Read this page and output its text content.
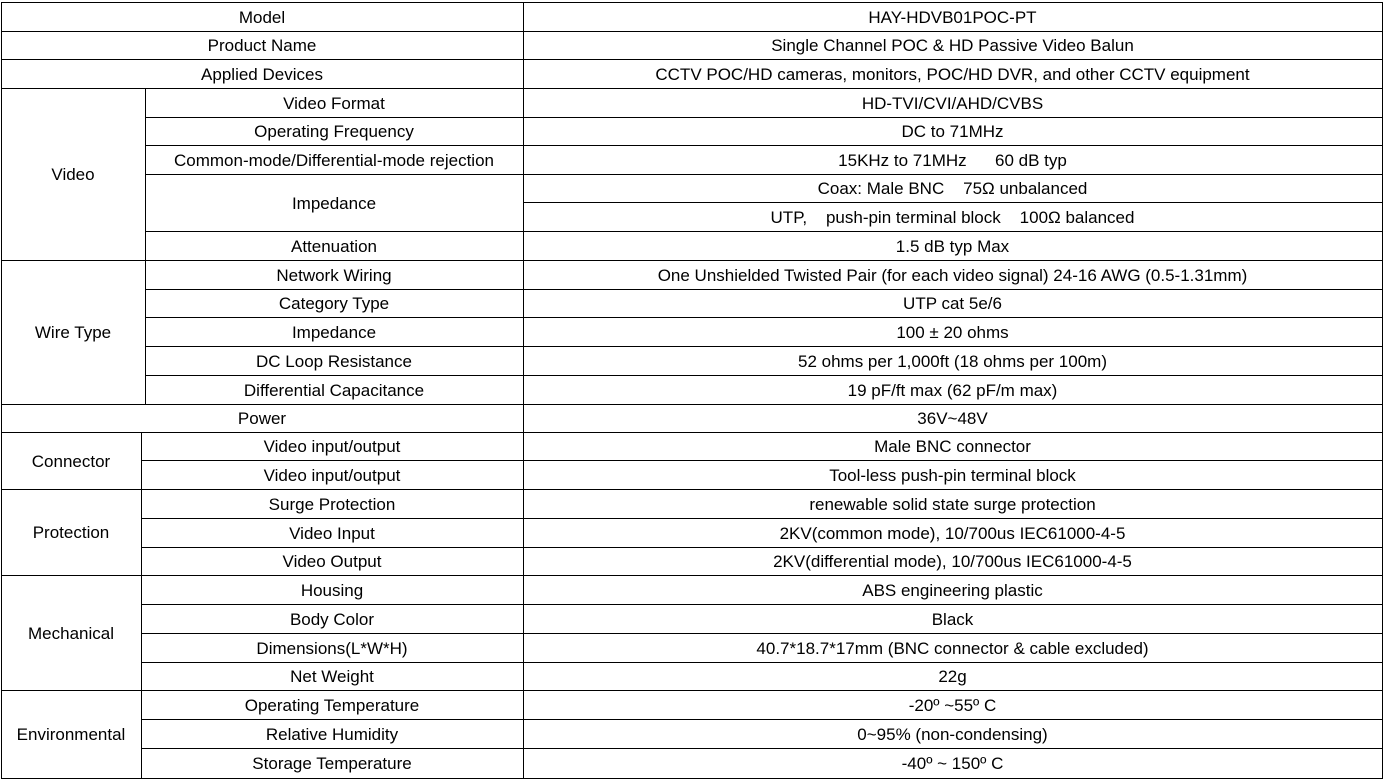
Model	HAY-HDVB01POC-PT
Product Name	Single Channel POC & HD Passive Video Balun
Applied Devices	CCTV POC/HD cameras, monitors, POC/HD DVR, and other CCTV equipment
Video
Video Format	HD-TVI/CVI/AHD/CVBS
Operating Frequency	DC to 71MHz
Common-mode/Differential-mode rejection	15KHz to 71MHz      60 dB typ
Impedance
Coax: Male BNC    75Ω unbalanced
UTP,    push-pin terminal block    100Ω balanced
Attenuation	1.5 dB typ Max
Wire Type
Network Wiring	One Unshielded Twisted Pair (for each video signal) 24-16 AWG (0.5-1.31mm)
Category Type	UTP cat 5e/6
Impedance	100 ± 20 ohms
DC Loop Resistance	52 ohms per 1,000ft (18 ohms per 100m)
Differential Capacitance	19 pF/ft max (62 pF/m max)
Power	36V~48V
Connector
Video input/output	Male BNC connector
Video input/output	Tool-less push-pin terminal block
Protection
Surge Protection	renewable solid state surge protection
Video Input	2KV(common mode), 10/700us IEC61000-4-5
Video Output	2KV(differential mode), 10/700us IEC61000-4-5
Mechanical
Housing	ABS engineering plastic
Body Color	Black
Dimensions(L*W*H)	40.7*18.7*17mm (BNC connector & cable excluded)
Net Weight	22g
Environmental
Operating Temperature	-20º ~55º C
Relative Humidity	0~95% (non-condensing)
Storage Temperature	-40º ~ 150º C
